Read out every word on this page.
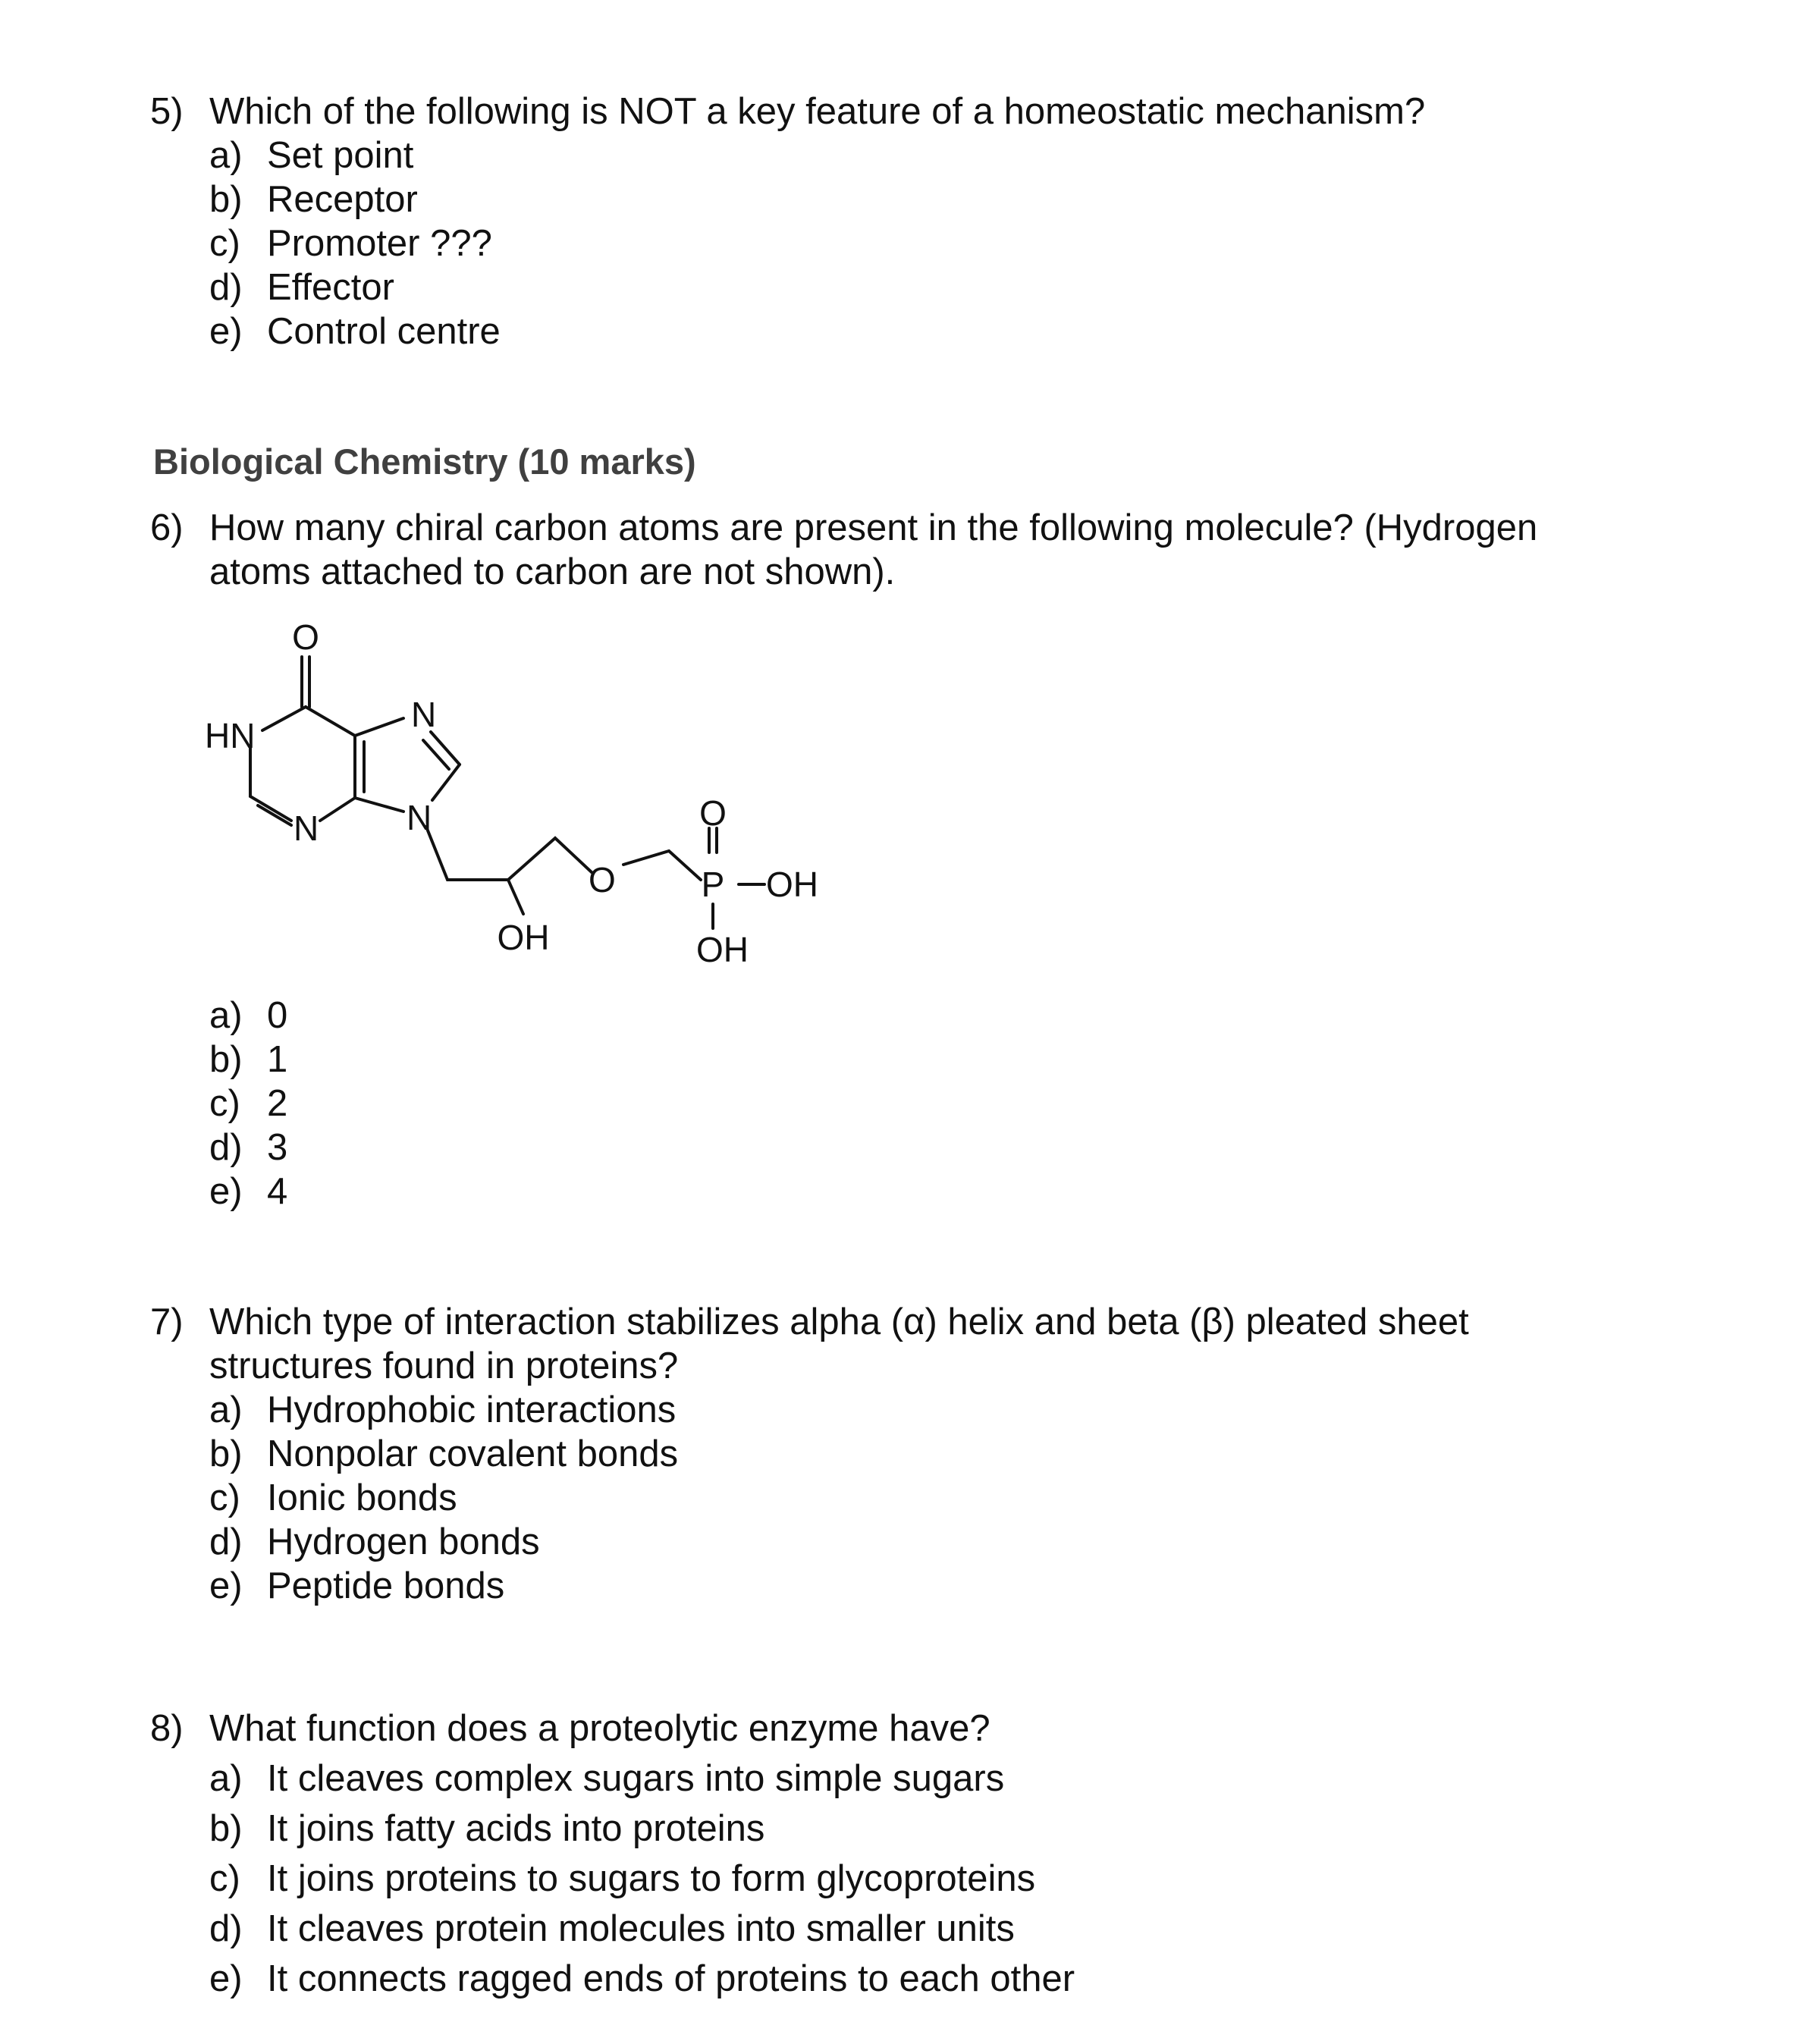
5) Which of the following is NOT a key feature of a homeostatic mechanism?
a) Set point
b) Receptor
c) Promoter ???
d) Effector
e) Control centre
Biological Chemistry (10 marks)
6) How many chiral carbon atoms are present in the following molecule? (Hydrogen
atoms attached to carbon are not shown).
O
HN
N
N	N
O
O
P OH
OH	OH
a) 0
b) 1
c) 2
d) 3
e) 4
7) Which type of interaction stabilizes alpha (α) helix and beta (β) pleated sheet
structures found in proteins?
a) Hydrophobic interactions
b) Nonpolar covalent bonds
c) Ionic bonds
d) Hydrogen bonds
e) Peptide bonds
8) What function does a proteolytic enzyme have?
a) It cleaves complex sugars into simple sugars
b) It joins fatty acids into proteins
c) It joins proteins to sugars to form glycoproteins
d) It cleaves protein molecules into smaller units
e) It connects ragged ends of proteins to each other
